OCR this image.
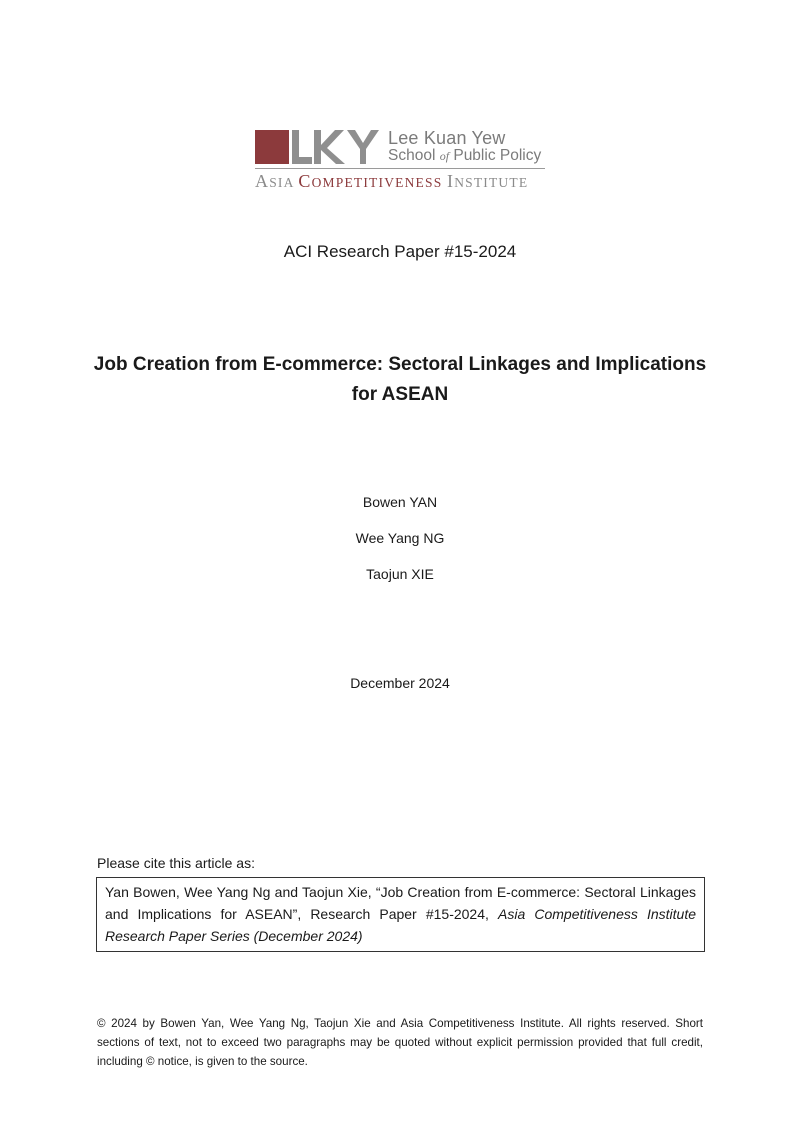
Lee Kuan Yew
School of Public Policy
ASIA COMPETITIVENESS INSTITUTE
ACI Research Paper #15-2024
Job Creation from E-commerce: Sectoral Linkages and Implications for ASEAN
Bowen YAN
Wee Yang NG
Taojun XIE
December 2024
Please cite this article as:
Yan Bowen, Wee Yang Ng and Taojun Xie, “Job Creation from E-commerce: Sectoral Linkages and Implications for ASEAN”, Research Paper #15-2024, Asia Competitiveness Institute Research Paper Series (December 2024)
© 2024 by Bowen Yan, Wee Yang Ng, Taojun Xie and Asia Competitiveness Institute. All rights reserved. Short sections of text, not to exceed two paragraphs may be quoted without explicit permission provided that full credit, including © notice, is given to the source.
